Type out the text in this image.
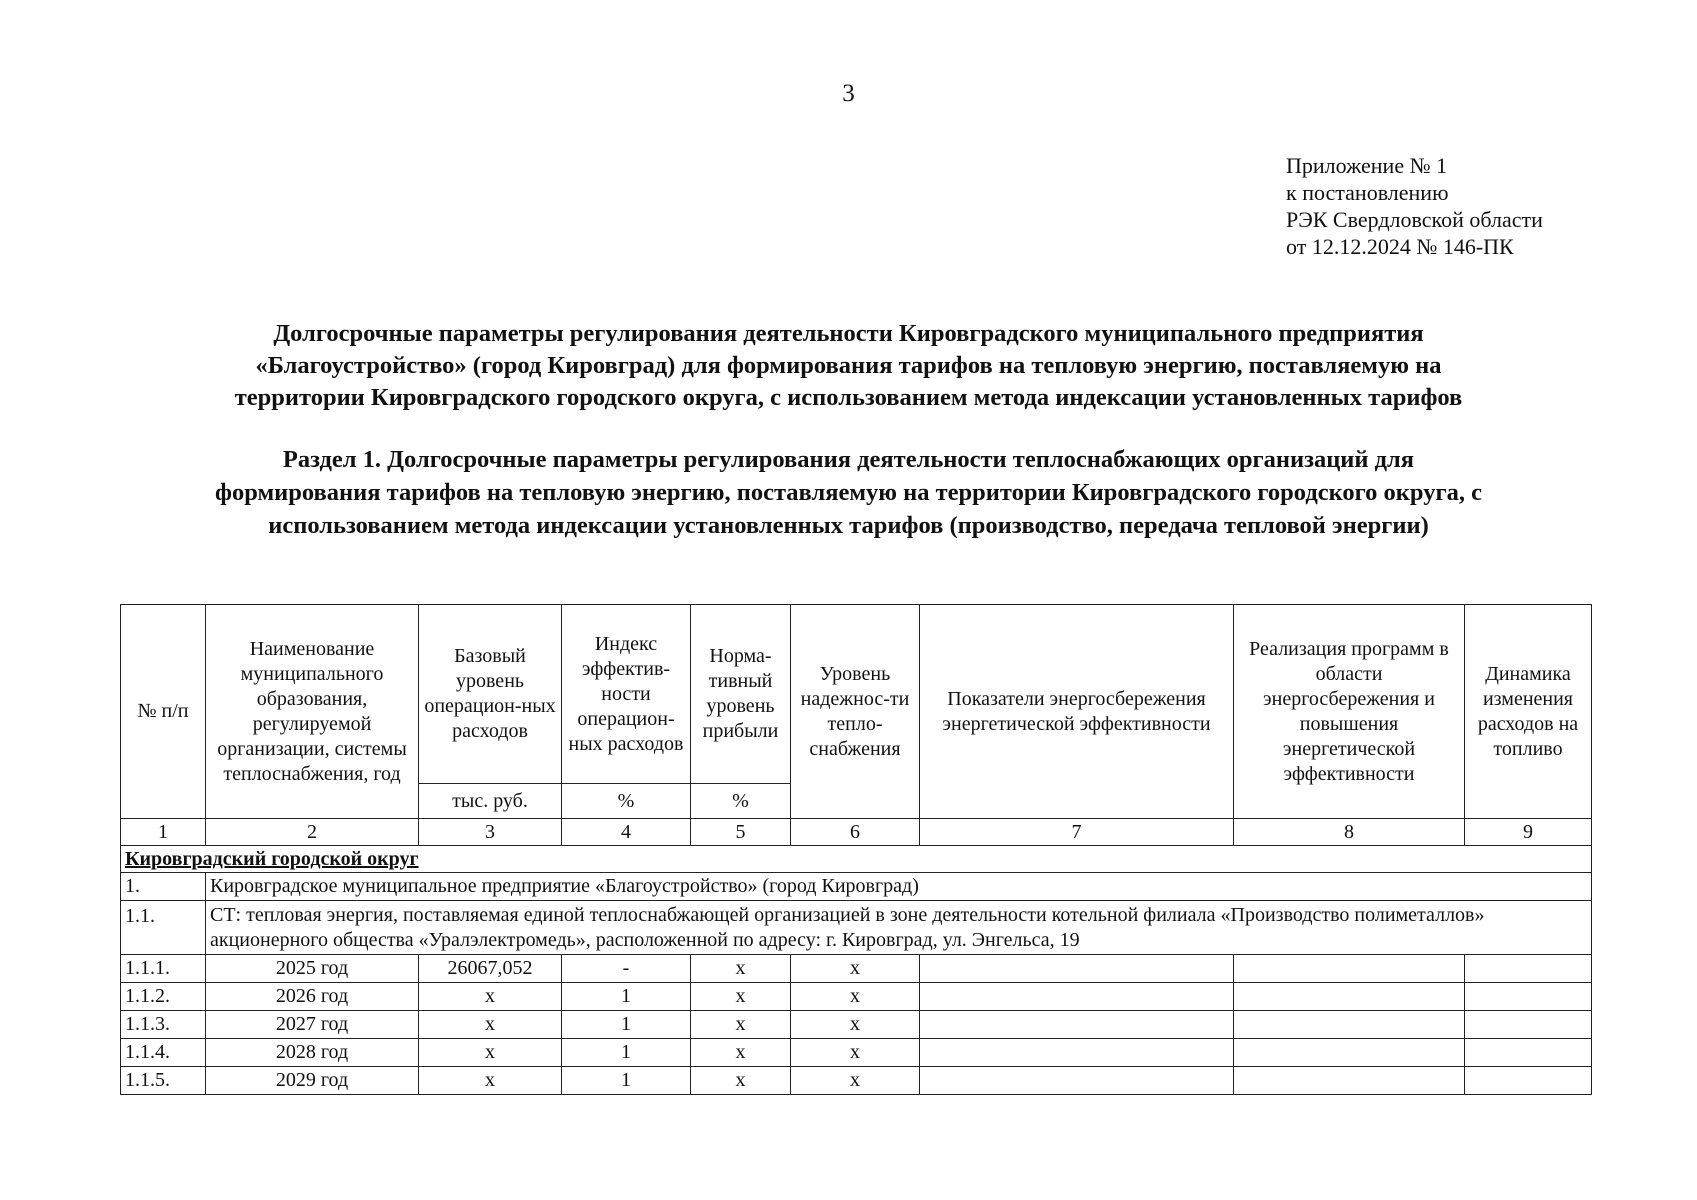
3
Приложение № 1
к постановлению
РЭК Свердловской области
от 12.12.2024 № 146-ПК
Долгосрочные параметры регулирования деятельности Кировградского муниципального предприятия
«Благоустройство» (город Кировград) для формирования тарифов на тепловую энергию, поставляемую на
территории Кировградского городского округа, с использованием метода индексации установленных тарифов
Раздел 1. Долгосрочные параметры регулирования деятельности теплоснабжающих организаций для
формирования тарифов на тепловую энергию, поставляемую на территории Кировградского городского округа, с
использованием метода индексации установленных тарифов (производство, передача тепловой энергии)
№ п/п	Наименование муниципального образования, регулируемой организации, системы теплоснабжения, год	Базовый уровень операцион-ных расходов	Индекс эффектив-ности операцион-ных расходов	Норма-тивный уровень прибыли	Уровень надежнос-ти тепло-снабжения	Показатели энергосбережения энергетической эффективности	Реализация программ в области энергосбережения и повышения энергетической эффективности	Динамика изменения расходов на топливо
		тыс. руб.	%	%				
1	2	3	4	5	6	7	8	9
Кировградский городской округ								
1.	Кировградское муниципальное предприятие «Благоустройство» (город Кировград)							
1.1.	СТ: тепловая энергия, поставляемая единой теплоснабжающей организацией в зоне деятельности котельной филиала «Производство полиметаллов» акционерного общества «Уралэлектромедь», расположенной по адресу: г. Кировград, ул. Энгельса, 19							
1.1.1.	2025 год	26067,052	-	x	x			
1.1.2.	2026 год	x	1	x	x			
1.1.3.	2027 год	x	1	x	x			
1.1.4.	2028 год	x	1	x	x			
1.1.5.	2029 год	x	1	x	x			
